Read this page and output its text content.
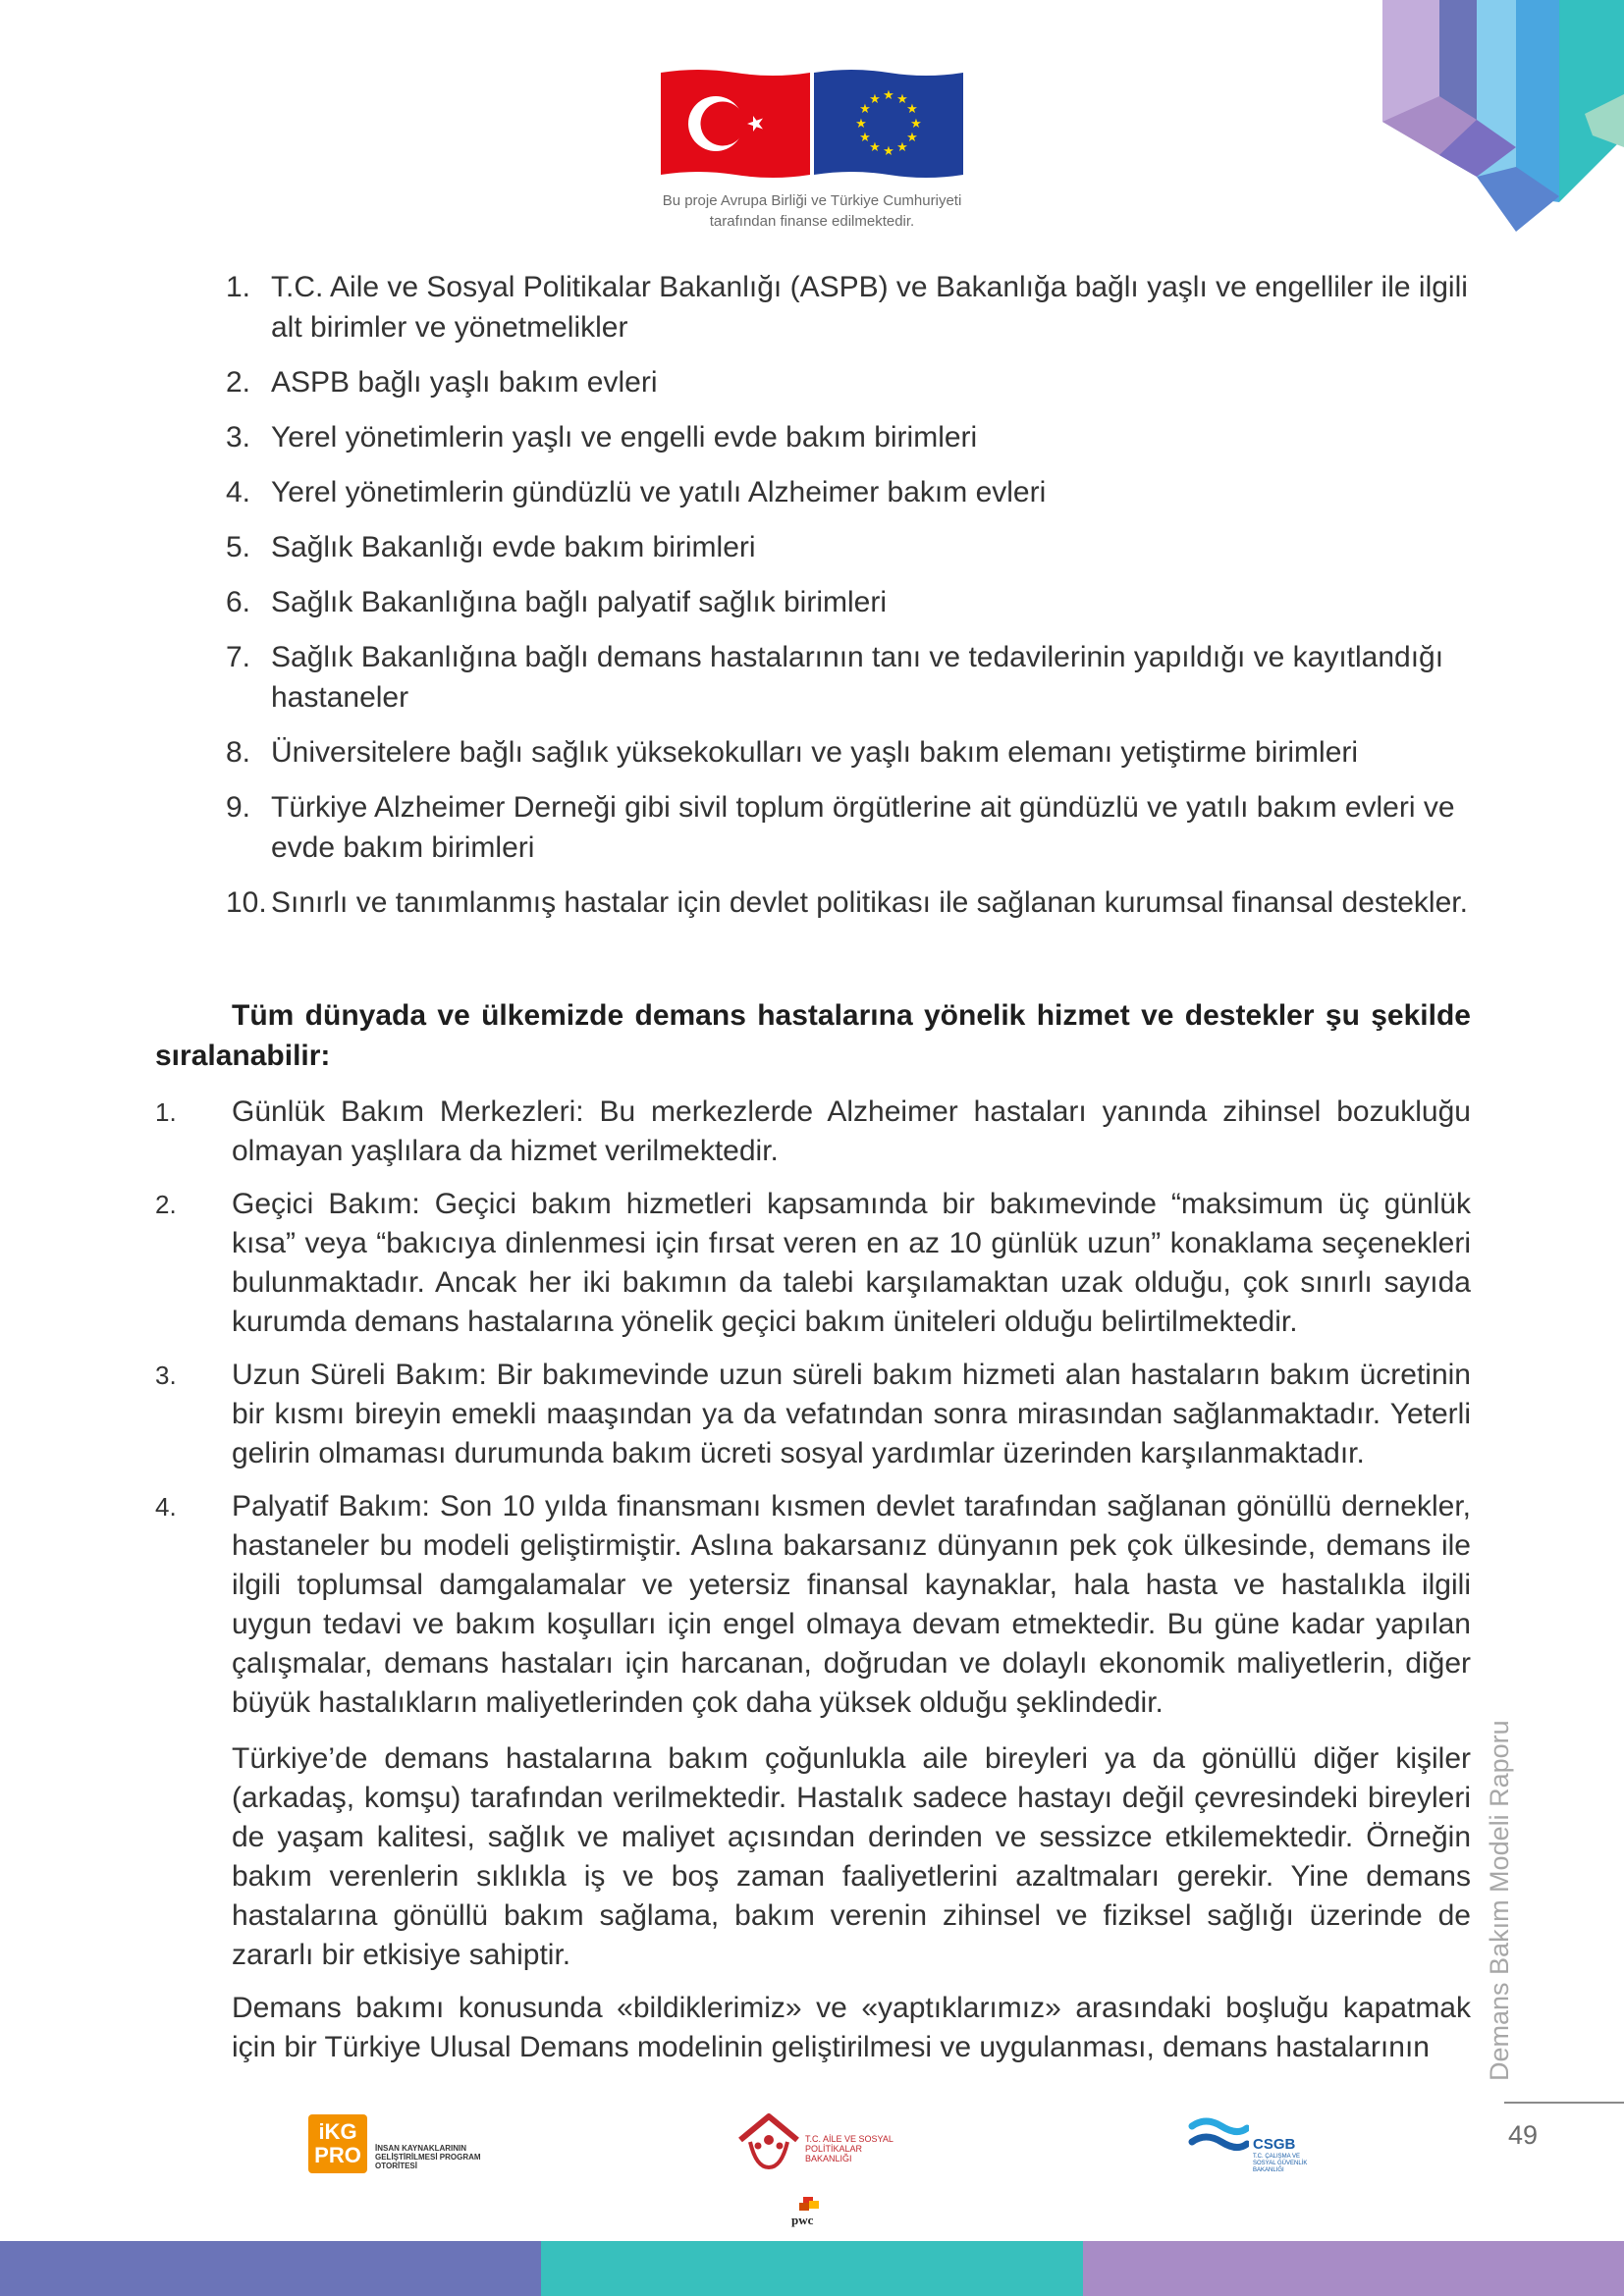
★ ★
★
★
★
★
★
★
★
★
★
★
Bu proje Avrupa Birliği ve Türkiye Cumhuriyeti
tarafından finanse edilmektedir.
1. T.C. Aile ve Sosyal Politikalar Bakanlığı (ASPB) ve Bakanlığa bağlı yaşlı ve engelliler ile ilgili alt birimler ve yönetmelikler
2. ASPB bağlı yaşlı bakım evleri
3. Yerel yönetimlerin yaşlı ve engelli evde bakım birimleri
4. Yerel yönetimlerin gündüzlü ve yatılı Alzheimer bakım evleri
5. Sağlık Bakanlığı evde bakım birimleri
6. Sağlık Bakanlığına bağlı palyatif sağlık birimleri
7. Sağlık Bakanlığına bağlı demans hastalarının tanı ve tedavilerinin yapıldığı ve kayıtlandığı hastaneler
8. Üniversitelere bağlı sağlık yüksekokulları ve yaşlı bakım elemanı yetiştirme birimleri
9. Türkiye Alzheimer Derneği gibi sivil toplum örgütlerine ait gündüzlü ve yatılı bakım evleri ve evde bakım birimleri
10. Sınırlı ve tanımlanmış hastalar için devlet politikası ile sağlanan kurumsal finansal destekler.
Tüm dünyada ve ülkemizde demans hastalarına yönelik hizmet ve destekler şu şekilde sıralanabilir:
1. Günlük Bakım Merkezleri: Bu merkezlerde Alzheimer hastaları yanında zihinsel bozukluğu olmayan yaşlılara da hizmet verilmektedir.
2. Geçici Bakım: Geçici bakım hizmetleri kapsamında bir bakımevinde “maksimum üç günlük kısa” veya “bakıcıya dinlenmesi için fırsat veren en az 10 günlük uzun” konaklama seçenekleri bulunmaktadır. Ancak her iki bakımın da talebi karşılamaktan uzak olduğu, çok sınırlı sayıda kurumda demans hastalarına yönelik geçici bakım üniteleri olduğu belirtilmektedir.
3. Uzun Süreli Bakım: Bir bakımevinde uzun süreli bakım hizmeti alan hastaların bakım ücretinin bir kısmı bireyin emekli maaşından ya da vefatından sonra mirasından sağlanmaktadır. Yeterli gelirin olmaması durumunda bakım ücreti sosyal yardımlar üzerinden karşılanmaktadır.
4. Palyatif Bakım: Son 10 yılda finansmanı kısmen devlet tarafından sağlanan gönüllü dernekler, hastaneler bu modeli geliştirmiştir. Aslına bakarsanız dünyanın pek çok ülkesinde, demans ile ilgili toplumsal damgalamalar ve yetersiz finansal kaynaklar, hala hasta ve hastalıkla ilgili uygun tedavi ve bakım koşulları için engel olmaya devam etmektedir. Bu güne kadar yapılan çalışmalar, demans hastaları için harcanan, doğrudan ve dolaylı ekonomik maliyetlerin, diğer büyük hastalıkların maliyetlerinden çok daha yüksek olduğu şeklindedir.

Türkiye’de demans hastalarına bakım çoğunlukla aile bireyleri ya da gönüllü diğer kişiler (arkadaş, komşu) tarafından verilmektedir. Hastalık sadece hastayı değil çevresindeki bireyleri de yaşam kalitesi, sağlık ve maliyet açısından derinden ve sessizce etkilemektedir. Örneğin bakım verenlerin sıklıkla iş ve boş zaman faaliyetlerini azaltmaları gerekir. Yine demans hastalarına gönüllü bakım sağlama, bakım verenin zihinsel ve fiziksel sağlığı üzerinde de zararlı bir etkisiye sahiptir.

Demans bakımı konusunda «bildiklerimiz» ve «yaptıklarımız» arasındaki boşluğu kapatmak için bir Türkiye Ulusal Demans modelinin geliştirilmesi ve uygulanması, demans hastalarının	Demans Bakım Modeli Raporu
49
iKG PRO	İNSAN KAYNAKLARININ GELİŞTİRİLMESİ PROGRAM OTORİTESİ
T.C. AİLE VE SOSYAL POLİTİKALAR BAKANLIĞI
pwc
CSGB
T.C. ÇALIŞMA VE SOSYAL GÜVENLİK BAKANLIĞI
